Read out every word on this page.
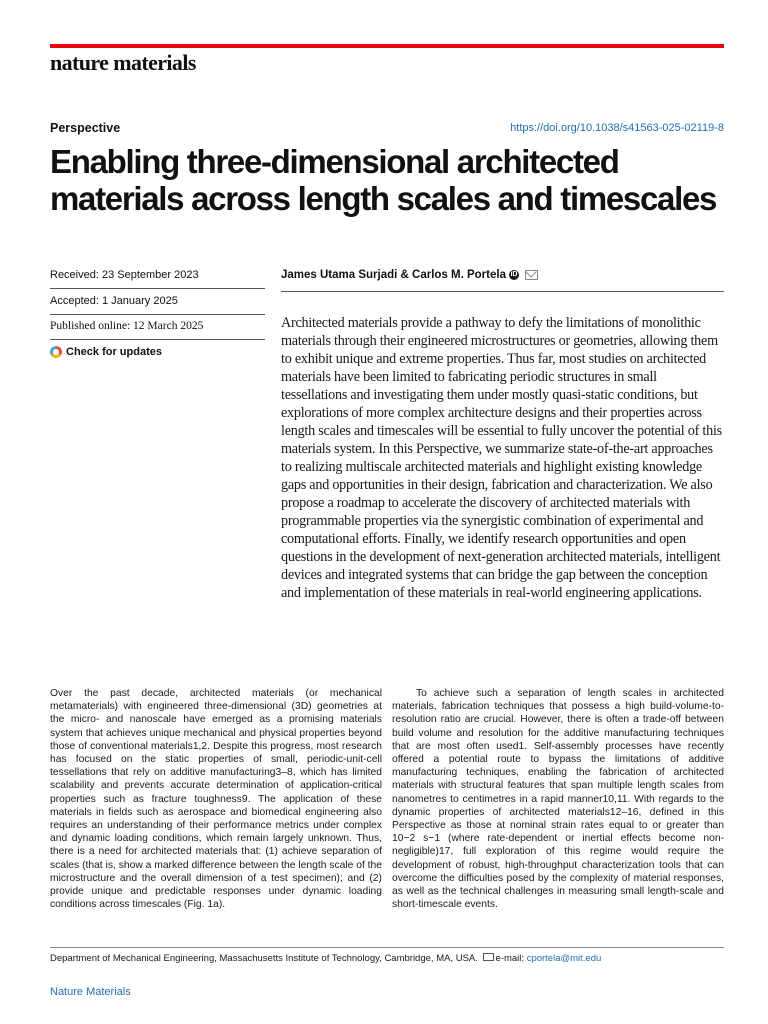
nature materials
Perspective	https://doi.org/10.1038/s41563-025-02119-8
Enabling three-dimensional architected materials across length scales and timescales
Received: 23 September 2023
Accepted: 1 January 2025
Published online: 12 March 2025
Check for updates
James Utama Surjadi & Carlos M. Portela iD

Architected materials provide a pathway to defy the limitations of monolithic materials through their engineered microstructures or geometries, allowing them to exhibit unique and extreme properties. Thus far, most studies on architected materials have been limited to fabricating periodic structures in small tessellations and investigating them under mostly quasi-static conditions, but explorations of more complex architecture designs and their properties across length scales and timescales will be essential to fully uncover the potential of this materials system. In this Perspective, we summarize state-of-the-art approaches to realizing multiscale architected materials and highlight existing knowledge gaps and opportunities in their design, fabrication and characterization. We also propose a roadmap to accelerate the discovery of architected materials with programmable properties via the synergistic combination of experimental and computational efforts. Finally, we identify research opportunities and open questions in the development of next-generation architected materials, intelligent devices and integrated systems that can bridge the gap between the conception and implementation of these materials in real-world engineering applications.

Over the past decade, architected materials (or mechanical metamaterials) with engineered three-dimensional (3D) geometries at the micro- and nanoscale have emerged as a promising materials system that achieves unique mechanical and physical properties beyond those of conventional materials1,2. Despite this progress, most research has focused on the static properties of small, periodic-unit-cell tessellations that rely on additive manufacturing3–8, which has limited scalability and prevents accurate determination of application-critical properties such as fracture toughness9. The application of these materials in fields such as aerospace and biomedical engineering also requires an understanding of their performance metrics under complex and dynamic loading conditions, which remain largely unknown. Thus, there is a need for architected materials that: (1) achieve separation of scales (that is, show a marked difference between the length scale of the microstructure and the overall dimension of a test specimen); and (2) provide unique and predictable responses under dynamic loading conditions across timescales (Fig. 1a).

To achieve such a separation of length scales in architected materials, fabrication techniques that possess a high build-volume-to-resolution ratio are crucial. However, there is often a trade-off between build volume and resolution for the additive manufacturing techniques that are most often used1. Self-assembly processes have recently offered a potential route to bypass the limitations of additive manufacturing techniques, enabling the fabrication of architected materials with structural features that span multiple length scales from nanometres to centimetres in a rapid manner10,11. With regards to the dynamic properties of architected materials12–16, defined in this Perspective as those at nominal strain rates equal to or greater than 10−2 s−1 (where rate-dependent or inertial effects become non-negligible)17, full exploration of this regime would require the development of robust, high-throughput characterization tools that can overcome the difficulties posed by the complexity of material responses, as well as the technical challenges in measuring small length-scale and short-timescale events.

Department of Mechanical Engineering, Massachusetts Institute of Technology, Cambridge, MA, USA. e-mail: cportela@mit.edu
Nature Materials
